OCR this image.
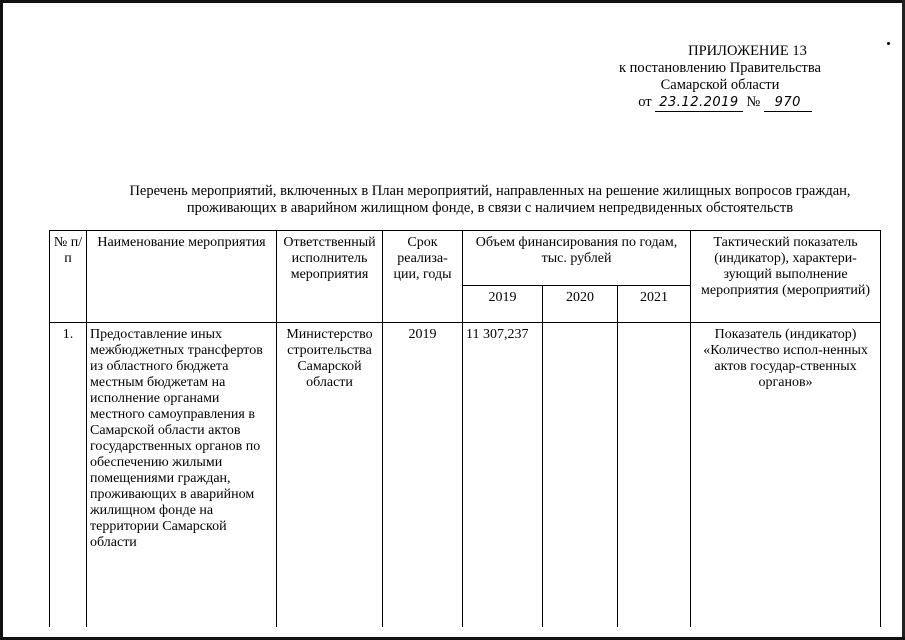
ПРИЛОЖЕНИЕ 13
к постановлению Правительства
Самарской области
от 23.12.2019 № 970
Перечень мероприятий, включенных в План мероприятий, направленных на решение жилищных вопросов граждан,
проживающих в аварийном жилищном фонде, в связи с наличием непредвиденных обстоятельств
№ п/п	Наименование мероприятия	Ответственный исполнитель мероприятия	Срок реализа-ции, годы	Объем финансирования по годам, тыс. рублей			Тактический показатель (индикатор), характери-зующий выполнение мероприятия (мероприятий)
				2019	2020	2021	
1.	Предоставление иных межбюджетных трансфертов из областного бюджета местным бюджетам на исполнение органами местного самоуправления в Самарской области актов государственных органов по обеспечению жилыми помещениями граждан, проживающих в аварийном жилищном фонде на территории Самарской области	Министерство строительства Самарской области	2019	11 307,237			Показатель (индикатор) «Количество испол-ненных актов государ-ственных органов»
